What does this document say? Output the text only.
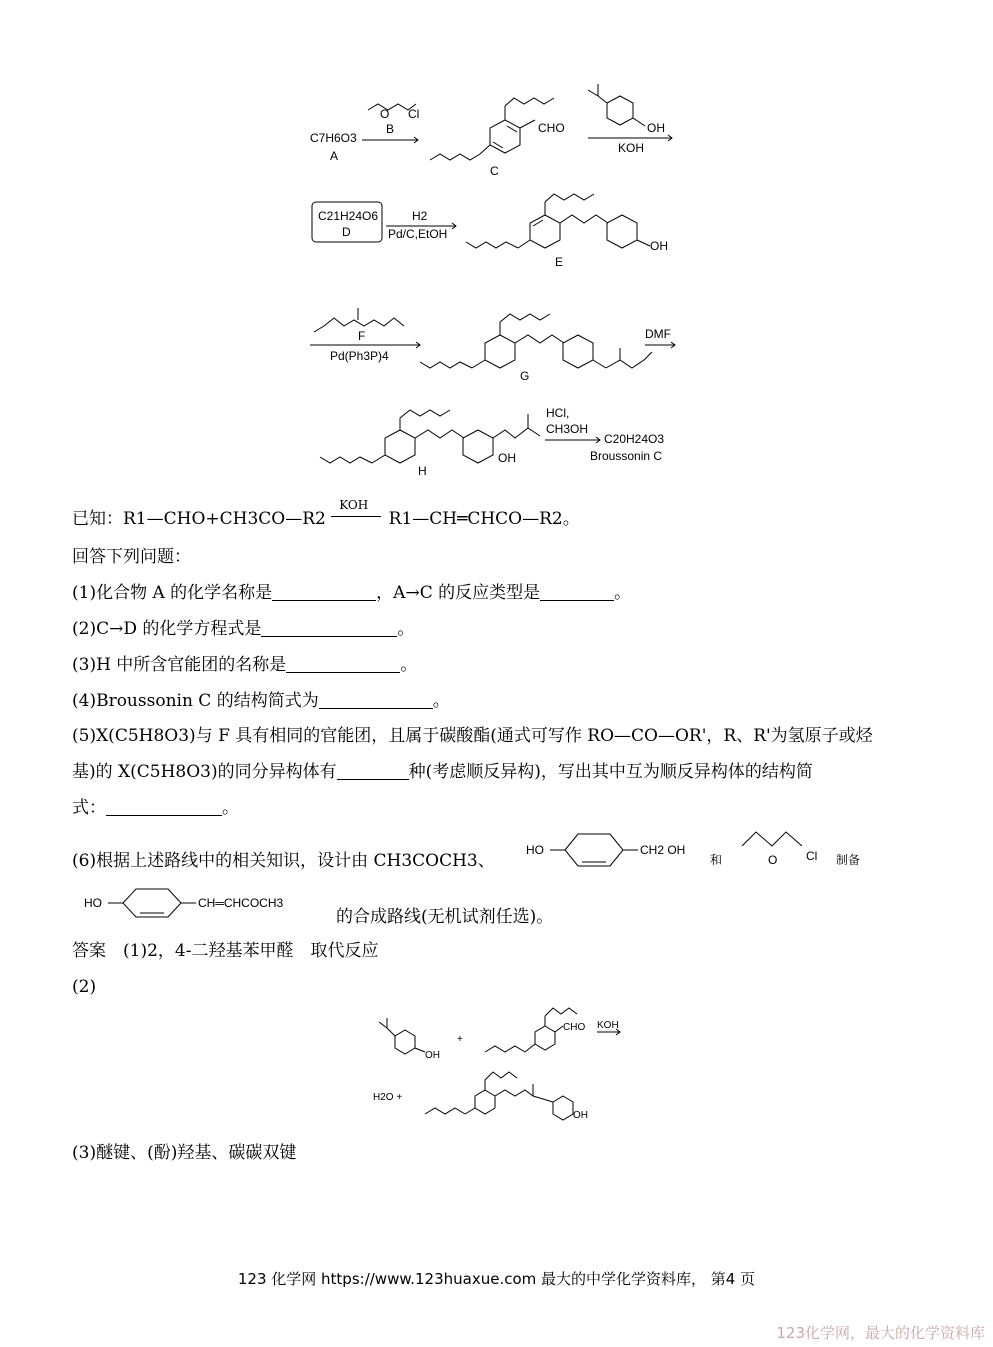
C7H6O3
A
O Cl
B	CHO
C
OH
KOH
C21H24O6
D
H2
Pd/C,EtOH
OH
E
F
Pd(Ph3P)4
G
DMF
OH
H
HCl,
CH3OH
C20H24O3
Broussonin C
已知：R1—CHO+CH3CO—R2
KOH
R1—CH═CHCO—R2。
回答下列问题：
(1)化合物 A 的化学名称是	，A→C 的反应类型是	。
(2)C→D 的化学方程式是	。
(3)H 中所含官能团的名称是	。
(4)Broussonin C 的结构简式为	。
(5)X(C5H8O3)与 F 具有相同的官能团，且属于碳酸酯(通式可写作 RO—CO—OR'，R、R'为氢原子或烃
基)的 X(C5H8O3)的同分异构体有	种(考虑顺反异构)，写出其中互为顺反异构体的结构简
式：	。
(6)根据上述路线中的相关知识，设计由 CH3COCH3、
HO	CH2 OH
和	O Cl 制备
HO	CH═CHCOCH3
的合成路线(无机试剂任选)。
答案　(1)2，4-二羟基苯甲醛　取代反应
(2)
OH
+
CHO KOH
H2O +
OH
(3)醚键、(酚)羟基、碳碳双键
123 化学网 https://www.123huaxue.com 最大的中学化学资料库， 第4 页
123化学网，最大的化学资料库
